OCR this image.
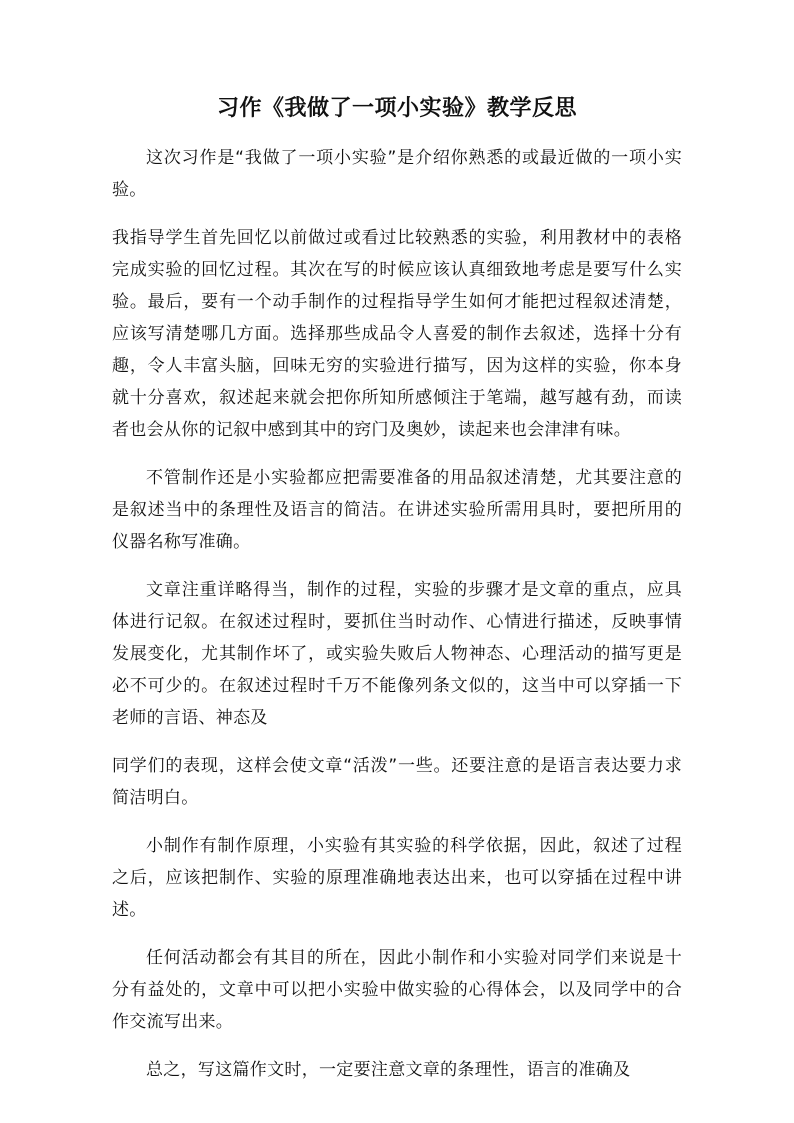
习作《我做了一项小实验》教学反思

这次习作是“我做了一项小实验”是介绍你熟悉的或最近做的一项小实验。

我指导学生首先回忆以前做过或看过比较熟悉的实验，利用教材中的表格完成实验的回忆过程。其次在写的时候应该认真细致地考虑是要写什么实验。最后，要有一个动手制作的过程指导学生如何才能把过程叙述清楚，应该写清楚哪几方面。选择那些成品令人喜爱的制作去叙述，选择十分有趣，令人丰富头脑，回味无穷的实验进行描写，因为这样的实验，你本身就十分喜欢，叙述起来就会把你所知所感倾注于笔端，越写越有劲，而读者也会从你的记叙中感到其中的窍门及奥妙，读起来也会津津有味。

不管制作还是小实验都应把需要准备的用品叙述清楚，尤其要注意的是叙述当中的条理性及语言的简洁。在讲述实验所需用具时，要把所用的仪器名称写准确。

文章注重详略得当，制作的过程，实验的步骤才是文章的重点，应具体进行记叙。在叙述过程时，要抓住当时动作、心情进行描述，反映事情发展变化，尤其制作坏了，或实验失败后人物神态、心理活动的描写更是必不可少的。在叙述过程时千万不能像列条文似的，这当中可以穿插一下老师的言语、神态及

同学们的表现，这样会使文章“活泼”一些。还要注意的是语言表达要力求简洁明白。

小制作有制作原理，小实验有其实验的科学依据，因此，叙述了过程之后，应该把制作、实验的原理准确地表达出来，也可以穿插在过程中讲述。

任何活动都会有其目的所在，因此小制作和小实验对同学们来说是十分有益处的，文章中可以把小实验中做实验的心得体会，以及同学中的合作交流写出来。

总之，写这篇作文时，一定要注意文章的条理性，语言的准确及
